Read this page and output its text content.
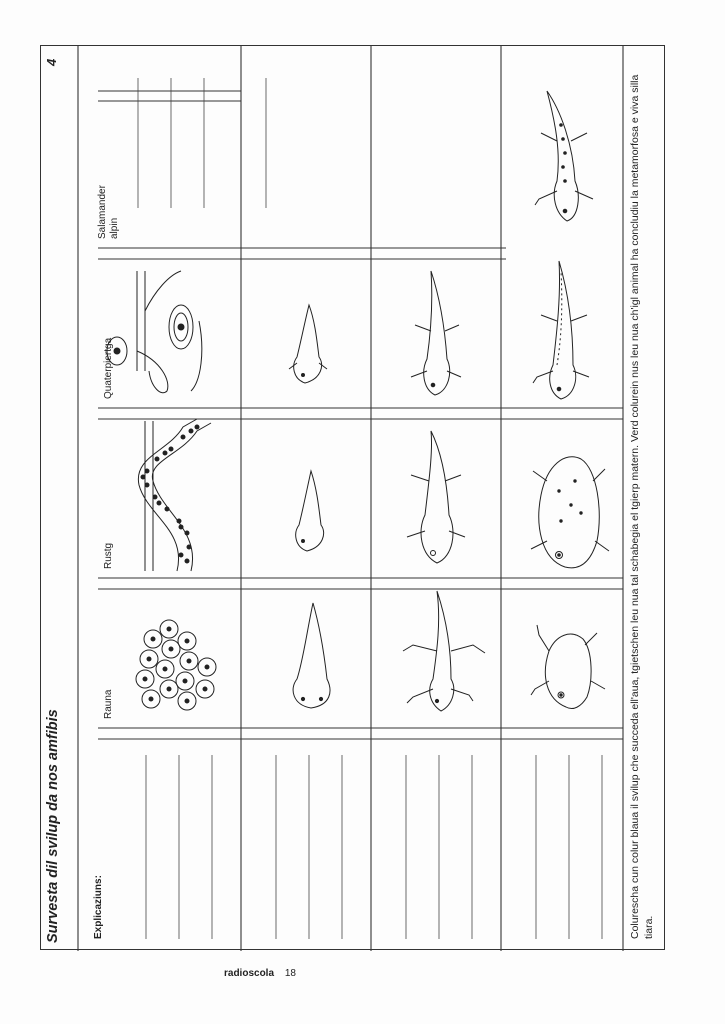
Survesta dil svilup da nos amfibis
4
Rauna
Rustg
Quaterpiertga
Salamander alpin
Explicaziuns:	Colurescha cun colur blaua il svilup che succeda ell'aua, tgietschen leu nua tal schabegia el tgierp matern. Verd colurein nus leu nua ch'igl animal ha concludiu la metamorfosa e viva silla tiara.
radioscola 18
